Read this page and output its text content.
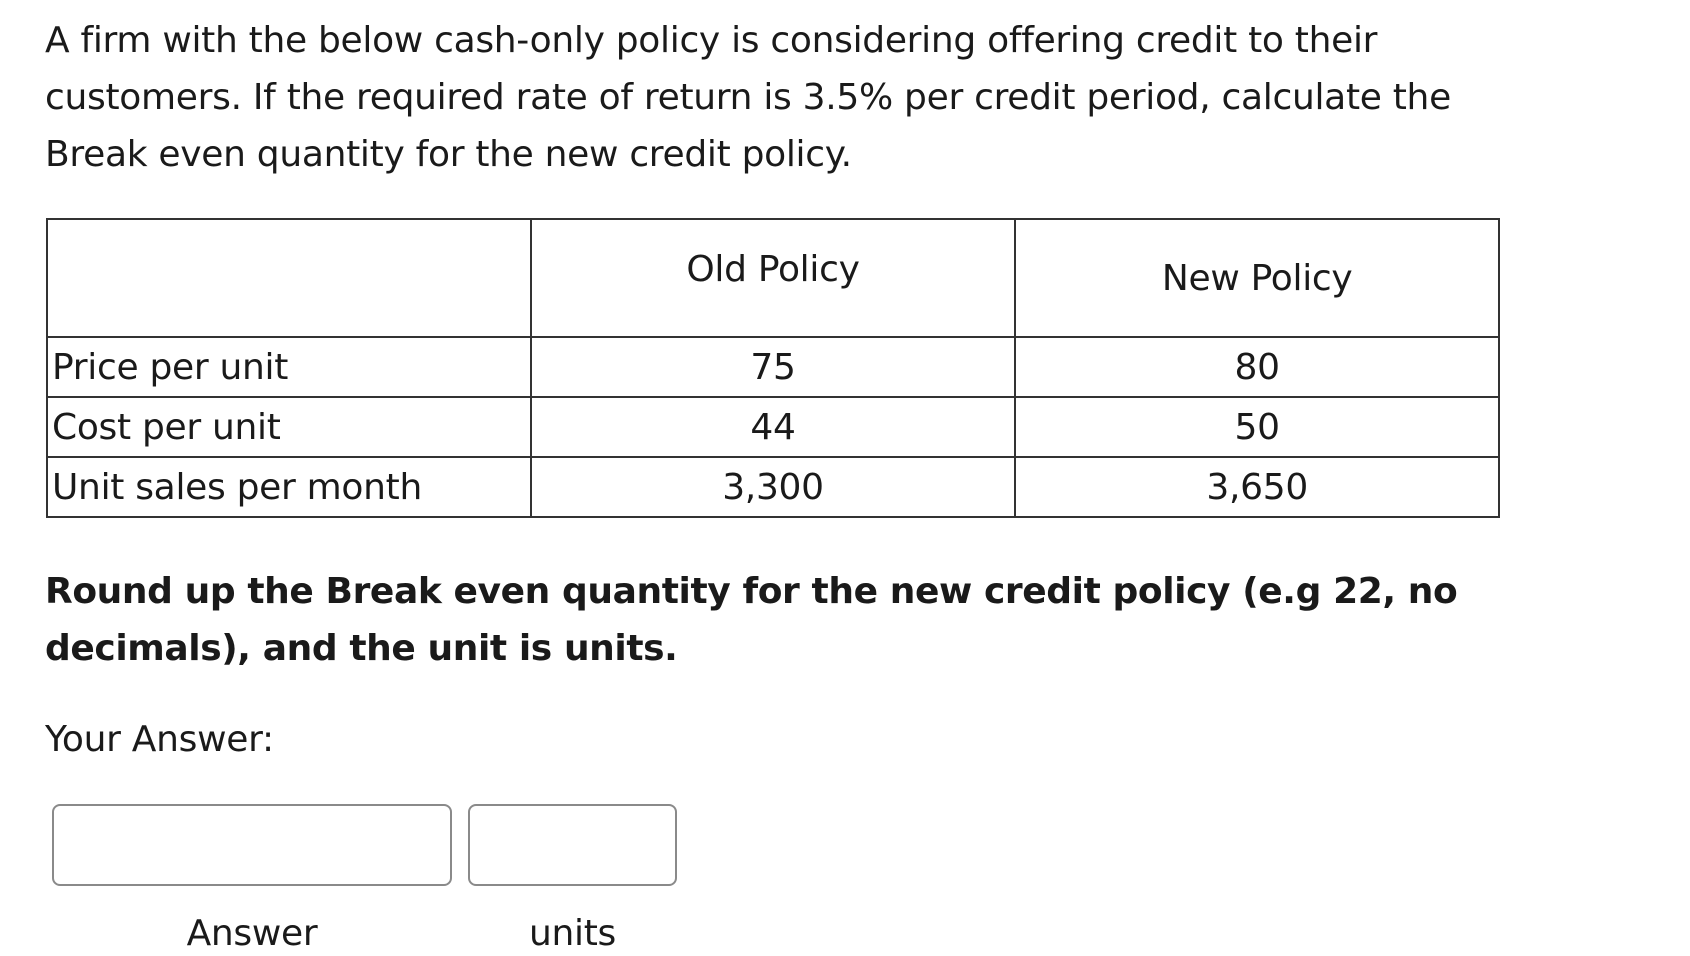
A firm with the below cash-only policy is considering offering credit to their customers. If the required rate of return is 3.5% per credit period, calculate the Break even quantity for the new credit policy.

	Old Policy	New Policy
Price per unit	75	80
Cost per unit	44	50
Unit sales per month	3,300	3,650

Round up the Break even quantity for the new credit policy (e.g 22, no decimals), and the unit is units.

Your Answer:

Answer	units
